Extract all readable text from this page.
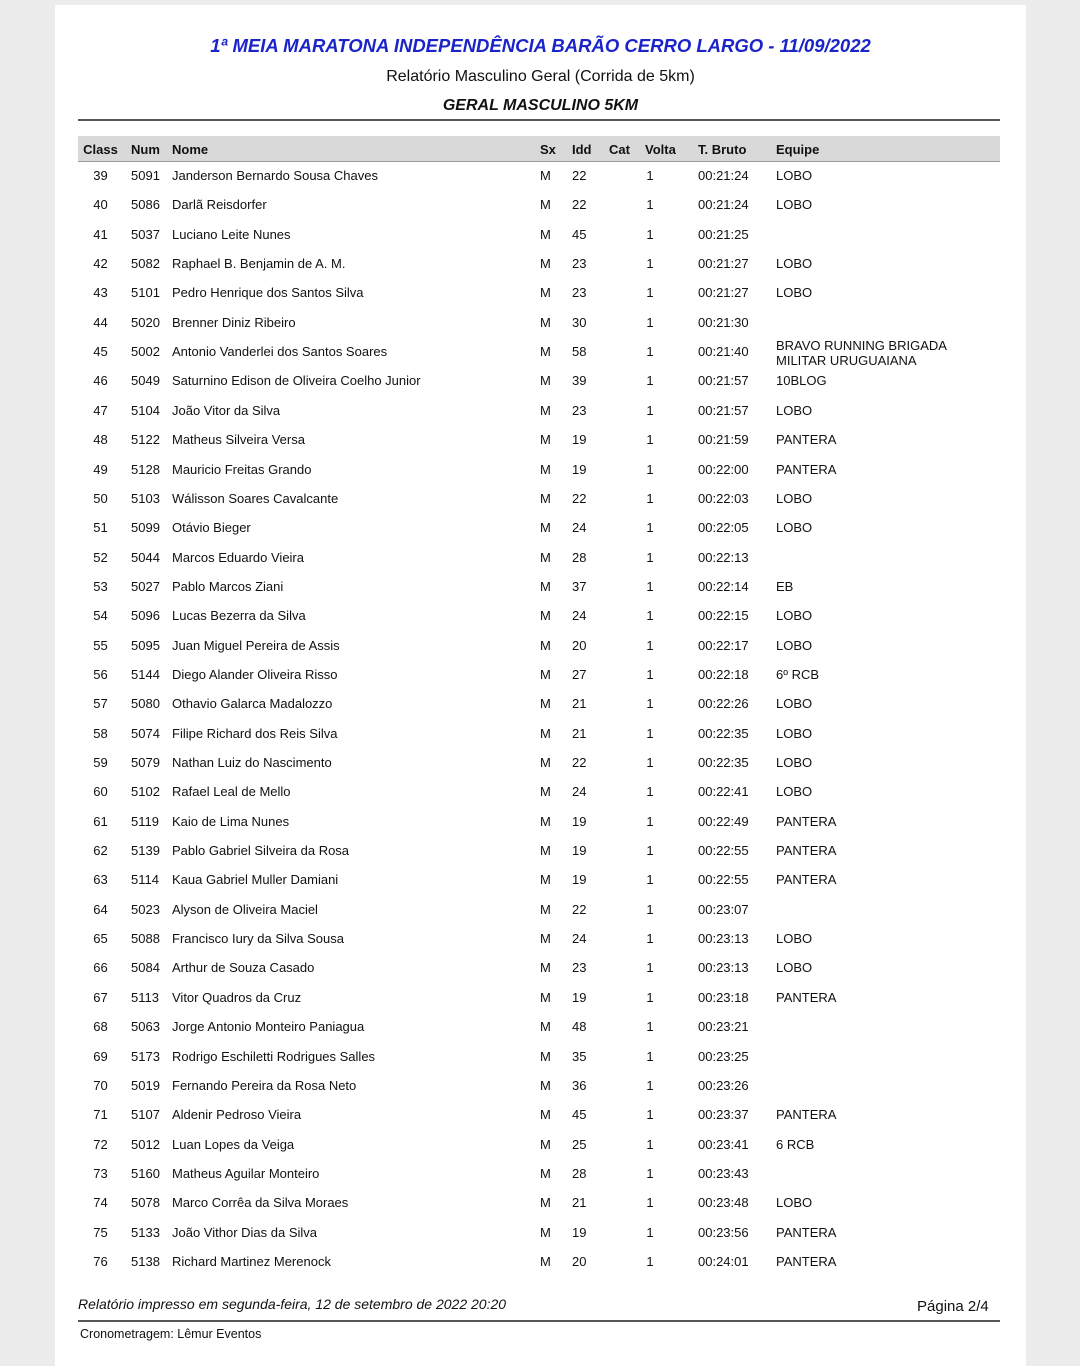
1ª MEIA MARATONA INDEPENDÊNCIA BARÃO CERRO LARGO - 11/09/2022
Relatório Masculino Geral (Corrida de 5km)
GERAL MASCULINO 5KM
Class	Num Nome	Sx Idd Cat Volta T. Bruto Equipe
39	5091 Janderson Bernardo Sousa Chaves	M 22	1	00:21:24 LOBO
40	5086 Darlã Reisdorfer	M 22	1	00:21:24 LOBO
41	5037 Luciano Leite Nunes	M 45	1	00:21:25
42	5082 Raphael B. Benjamin de A. M.	M 23	1	00:21:27 LOBO
43	5101 Pedro Henrique dos Santos Silva	M 23	1	00:21:27 LOBO
44	5020 Brenner Diniz Ribeiro	M 30	1	00:21:30
45	5002 Antonio Vanderlei dos Santos Soares	M 58	1	00:21:40 BRAVO RUNNING BRIGADA MILITAR URUGUAIANA
46	5049 Saturnino Edison de Oliveira Coelho Junior	M 39	1	00:21:57 10BLOG
47	5104 João Vitor da Silva	M 23	1	00:21:57 LOBO
48	5122 Matheus Silveira Versa	M 19	1	00:21:59 PANTERA
49	5128 Mauricio Freitas Grando	M 19	1	00:22:00 PANTERA
50	5103 Wálisson Soares Cavalcante	M 22	1	00:22:03 LOBO
51	5099 Otávio Bieger	M 24	1	00:22:05 LOBO
52	5044 Marcos Eduardo Vieira	M 28	1	00:22:13
53	5027 Pablo Marcos Ziani	M 37	1	00:22:14 EB
54	5096 Lucas Bezerra da Silva	M 24	1	00:22:15 LOBO
55	5095 Juan Miguel Pereira de Assis	M 20	1	00:22:17 LOBO
56	5144 Diego Alander Oliveira Risso	M 27	1	00:22:18 6º RCB
57	5080 Othavio Galarca Madalozzo	M 21	1	00:22:26 LOBO
58	5074 Filipe Richard dos Reis Silva	M 21	1	00:22:35 LOBO
59	5079 Nathan Luiz do Nascimento	M 22	1	00:22:35 LOBO
60	5102 Rafael Leal de Mello	M 24	1	00:22:41 LOBO
61	5119 Kaio de Lima Nunes	M 19	1	00:22:49 PANTERA
62	5139 Pablo Gabriel Silveira da Rosa	M 19	1	00:22:55 PANTERA
63	5114 Kaua Gabriel Muller Damiani	M 19	1	00:22:55 PANTERA
64	5023 Alyson de Oliveira Maciel	M 22	1	00:23:07
65	5088 Francisco Iury da Silva Sousa	M 24	1	00:23:13 LOBO
66	5084 Arthur de Souza Casado	M 23	1	00:23:13 LOBO
67	5113 Vitor Quadros da Cruz	M 19	1	00:23:18 PANTERA
68	5063 Jorge Antonio Monteiro Paniagua	M 48	1	00:23:21
69	5173 Rodrigo Eschiletti Rodrigues Salles	M 35	1	00:23:25
70	5019 Fernando Pereira da Rosa Neto	M 36	1	00:23:26
71	5107 Aldenir Pedroso Vieira	M 45	1	00:23:37 PANTERA
72	5012 Luan Lopes da Veiga	M 25	1	00:23:41 6 RCB
73	5160 Matheus Aguilar Monteiro	M 28	1	00:23:43
74	5078 Marco Corrêa da Silva Moraes	M 21	1	00:23:48 LOBO
75	5133 João Vithor Dias da Silva	M 19	1	00:23:56 PANTERA
76	5138 Richard Martinez Merenock	M 20	1	00:24:01 PANTERA
Relatório impresso em segunda-feira, 12 de setembro de 2022 20:20	Página 2/4
Cronometragem: Lêmur Eventos
